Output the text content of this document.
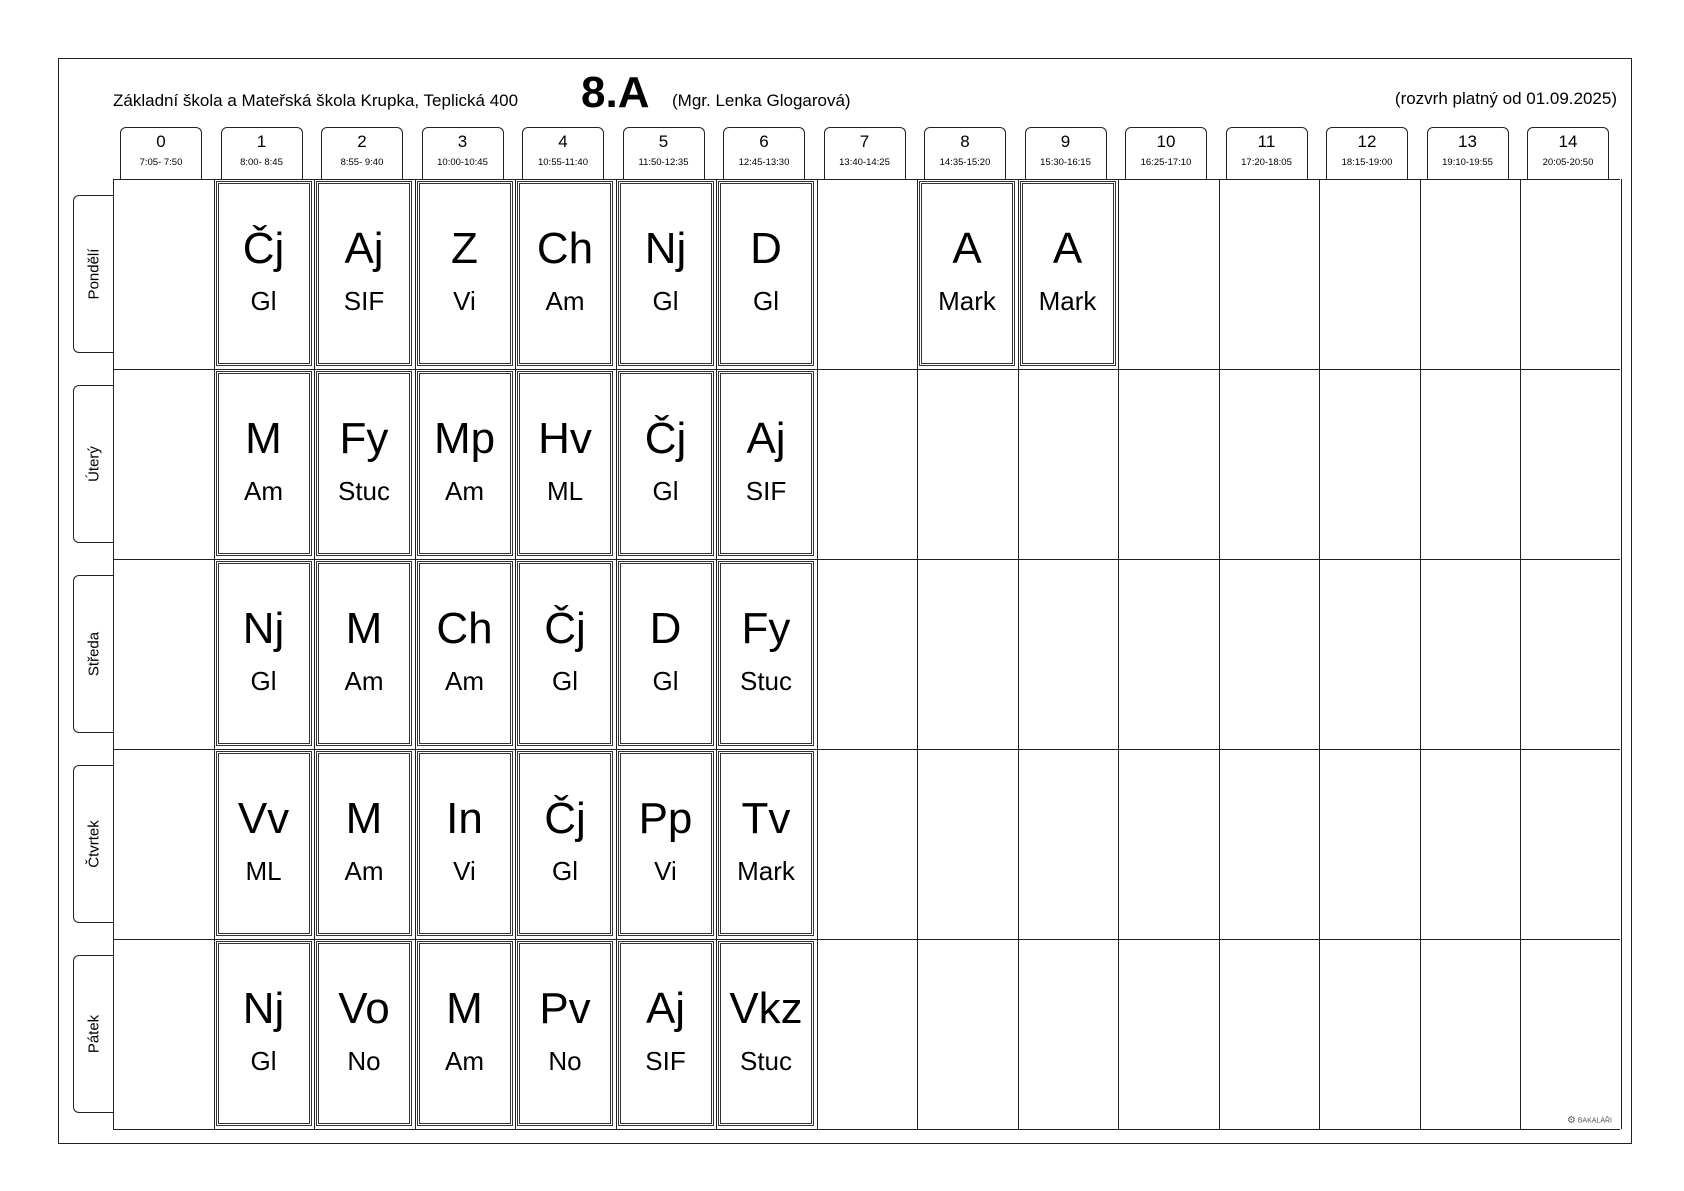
Základní škola a Mateřská škola Krupka, Teplická 400 8.A (Mgr. Lenka Glogarová)	(rozvrh platný od 01.09.2025)
0
7:05- 7:50
1
8:00- 8:45
2
8:55- 9:40
3
10:00-10:45
4
10:55-11:40
5
11:50-12:35
6
12:45-13:30
7
13:40-14:25
8
14:35-15:20
9
15:30-16:15
10
16:25-17:10
11
17:20-18:05
12
18:15-19:00
13
19:10-19:55
14
20:05-20:50
Pondělí
Čj
Gl
Aj
SIF
Z
Vi
Ch
Am
Nj
Gl
D
Gl
A
Mark
A
Mark
Úterý
M
Am
Fy
Stuc
Mp
Am
Hv
ML
Čj
Gl
Aj
SIF
Středa
Nj
Gl
M
Am
Ch
Am
Čj
Gl
D
Gl
Fy
Stuc
Čtvrtek
Vv
ML
M
Am
In
Vi
Čj
Gl
Pp
Vi
Tv
Mark
Pátek
Nj
Gl
Vo
No
M
Am
Pv
No
Aj
SIF
Vkz
Stuc
⚙ BAKALÁŘI
